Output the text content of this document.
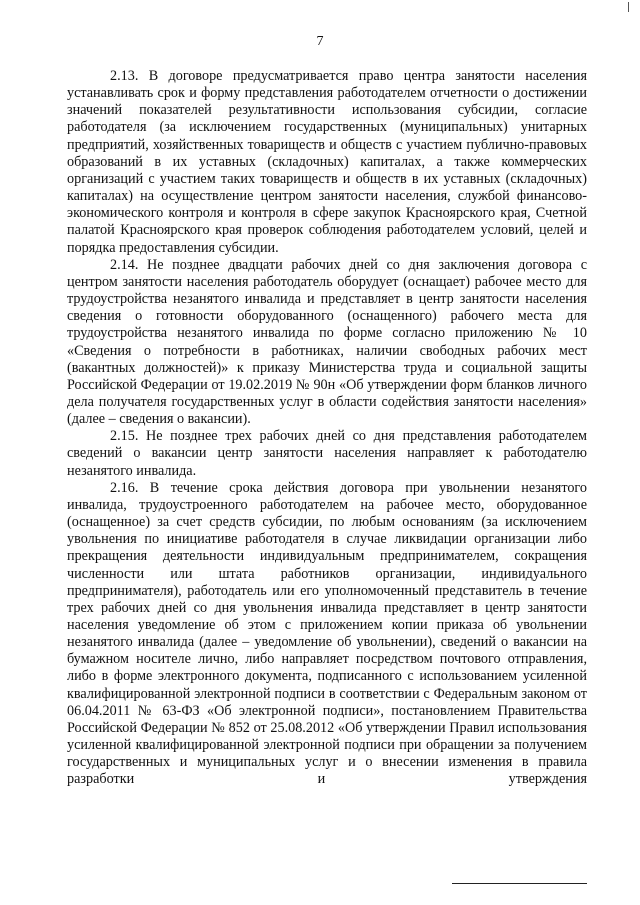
7

2.13. В договоре предусматривается право центра занятости населения устанавливать срок и форму представления работодателем отчетности о достижении значений показателей результативности использования субсидии, согласие работодателя (за исключением государственных (муниципальных) унитарных предприятий, хозяйственных товариществ и обществ с участием публично-правовых образований в их уставных (складочных) капиталах, а также коммерческих организаций с участием таких товариществ и обществ в их уставных (складочных) капиталах) на осуществление центром занятости населения, службой финансово-экономического контроля и контроля в сфере закупок Красноярского края, Счетной палатой Красноярского края проверок соблюдения работодателем условий, целей и порядка предоставления субсидии.

2.14. Не позднее двадцати рабочих дней со дня заключения договора с центром занятости населения работодатель оборудует (оснащает) рабочее место для трудоустройства незанятого инвалида и представляет в центр занятости населения сведения о готовности оборудованного (оснащенного) рабочего места для трудоустройства незанятого инвалида по форме согласно приложению № 10 «Сведения о потребности в работниках, наличии свободных рабочих мест (вакантных должностей)» к приказу Министерства труда и социальной защиты Российской Федерации от 19.02.2019 № 90н «Об утверждении форм бланков личного дела получателя государственных услуг в области содействия занятости населения» (далее – сведения о вакансии).

2.15. Не позднее трех рабочих дней со дня представления работодателем сведений о вакансии центр занятости населения направляет к работодателю незанятого инвалида.

2.16. В течение срока действия договора при увольнении незанятого инвалида, трудоустроенного работодателем на рабочее место, оборудованное (оснащенное) за счет средств субсидии, по любым основаниям (за исключением увольнения по инициативе работодателя в случае ликвидации организации либо прекращения деятельности индивидуальным предпринимателем, сокращения численности или штата работников организации, индивидуального предпринимателя), работодатель или его уполномоченный представитель в течение трех рабочих дней со дня увольнения инвалида представляет в центр занятости населения уведомление об этом с приложением копии приказа об увольнении незанятого инвалида (далее – уведомление об увольнении), сведений о вакансии на бумажном носителе лично, либо направляет посредством почтового отправления, либо в форме электронного документа, подписанного с использованием усиленной квалифицированной электронной подписи в соответствии с Федеральным законом от 06.04.2011 № 63-ФЗ «Об электронной подписи», постановлением Правительства Российской Федерации № 852 от 25.08.2012 «Об утверждении Правил использования усиленной квалифицированной электронной подписи при обращении за получением государственных и муниципальных услуг и о внесении изменения в правила разработки и утверждения
